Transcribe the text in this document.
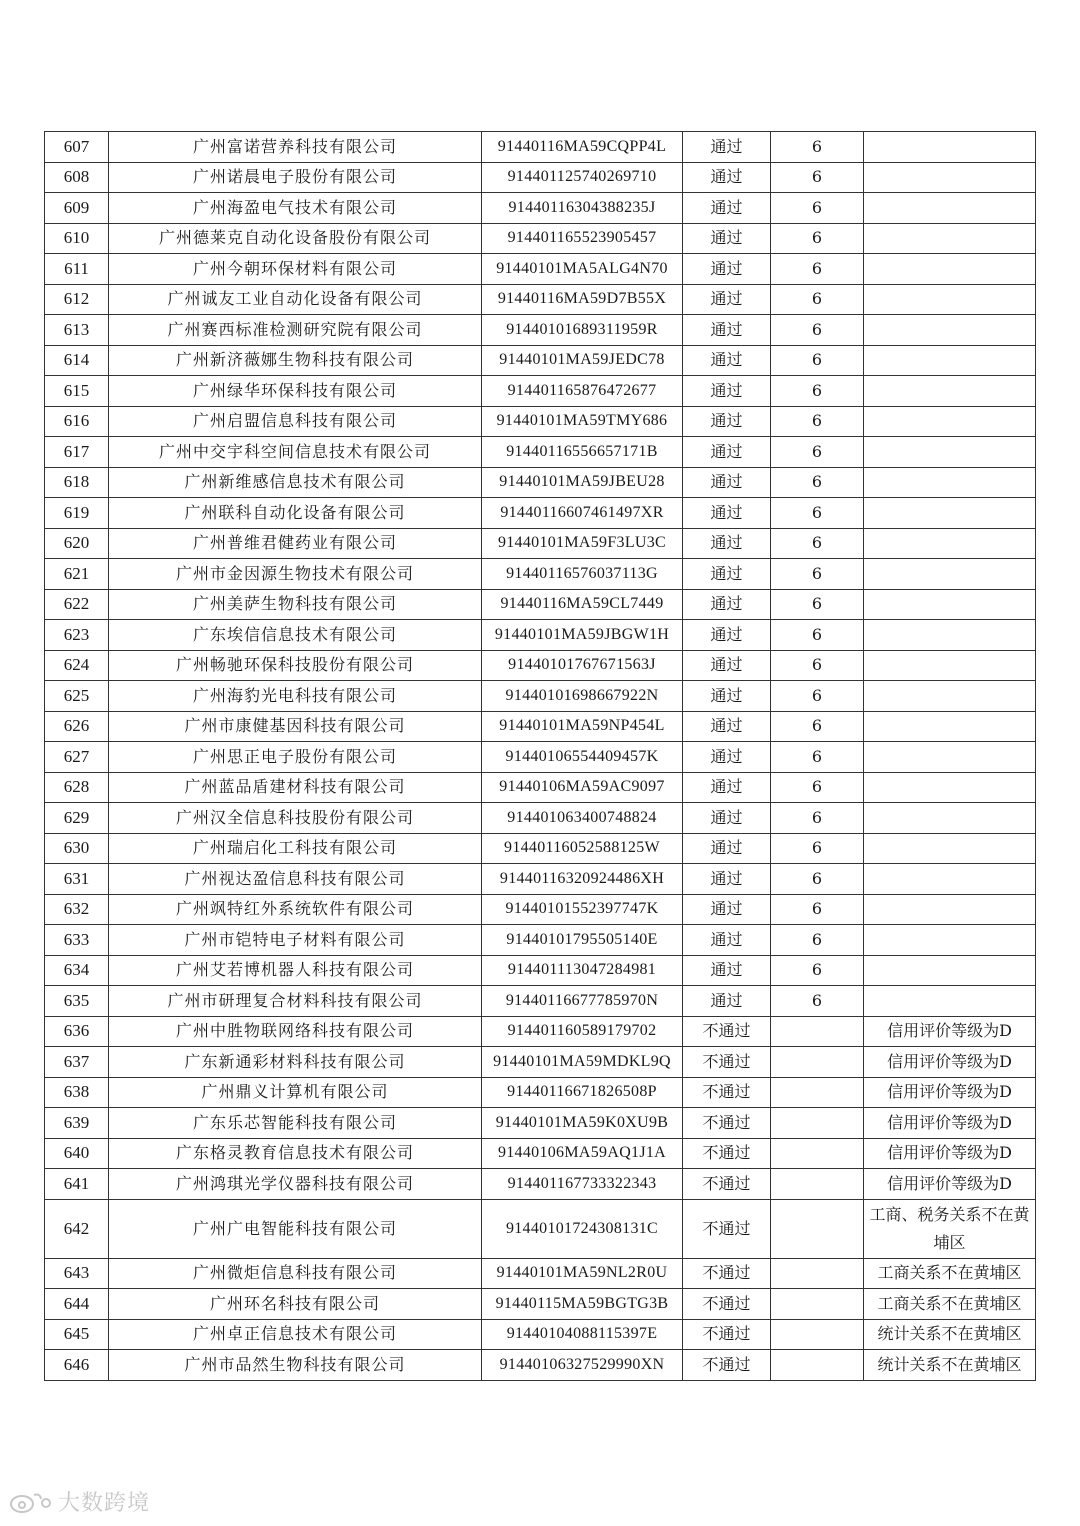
607	广州富诺营养科技有限公司	91440116MA59CQPP4L	通过	6	
608	广州诺晨电子股份有限公司	914401125740269710	通过	6	
609	广州海盈电气技术有限公司	91440116304388235J	通过	6	
610	广州德莱克自动化设备股份有限公司	914401165523905457	通过	6	
611	广州今朝环保材料有限公司	91440101MA5ALG4N70	通过	6	
612	广州诚友工业自动化设备有限公司	91440116MA59D7B55X	通过	6	
613	广州赛西标准检测研究院有限公司	91440101689311959R	通过	6	
614	广州新济薇娜生物科技有限公司	91440101MA59JEDC78	通过	6	
615	广州绿华环保科技有限公司	914401165876472677	通过	6	
616	广州启盟信息科技有限公司	91440101MA59TMY686	通过	6	
617	广州中交宇科空间信息技术有限公司	91440116556657171B	通过	6	
618	广州新维感信息技术有限公司	91440101MA59JBEU28	通过	6	
619	广州联科自动化设备有限公司	91440116607461497XR	通过	6	
620	广州普维君健药业有限公司	91440101MA59F3LU3C	通过	6	
621	广州市金因源生物技术有限公司	91440116576037113G	通过	6	
622	广州美萨生物科技有限公司	91440116MA59CL7449	通过	6	
623	广东埃信信息技术有限公司	91440101MA59JBGW1H	通过	6	
624	广州畅驰环保科技股份有限公司	91440101767671563J	通过	6	
625	广州海豹光电科技有限公司	91440101698667922N	通过	6	
626	广州市康健基因科技有限公司	91440101MA59NP454L	通过	6	
627	广州思正电子股份有限公司	91440106554409457K	通过	6	
628	广州蓝品盾建材科技有限公司	91440106MA59AC9097	通过	6	
629	广州汉全信息科技股份有限公司	914401063400748824	通过	6	
630	广州瑞启化工科技有限公司	91440116052588125W	通过	6	
631	广州视达盈信息科技有限公司	91440116320924486XH	通过	6	
632	广州飒特红外系统软件有限公司	91440101552397747K	通过	6	
633	广州市铠特电子材料有限公司	91440101795505140E	通过	6	
634	广州艾若博机器人科技有限公司	914401113047284981	通过	6	
635	广州市研理复合材料科技有限公司	91440116677785970N	通过	6	
636	广州中胜物联网络科技有限公司	914401160589179702	不通过		信用评价等级为D
637	广东新通彩材料科技有限公司	91440101MA59MDKL9Q	不通过		信用评价等级为D
638	广州鼎义计算机有限公司	91440116671826508P	不通过		信用评价等级为D
639	广东乐芯智能科技有限公司	91440101MA59K0XU9B	不通过		信用评价等级为D
640	广东格灵教育信息技术有限公司	91440106MA59AQ1J1A	不通过		信用评价等级为D
641	广州鸿琪光学仪器科技有限公司	914401167733322343	不通过		信用评价等级为D
642	广州广电智能科技有限公司	91440101724308131C	不通过		工商、税务关系不在黄埔区
643	广州微炬信息科技有限公司	91440101MA59NL2R0U	不通过		工商关系不在黄埔区
644	广州环名科技有限公司	91440115MA59BGTG3B	不通过		工商关系不在黄埔区
645	广州卓正信息技术有限公司	91440104088115397E	不通过		统计关系不在黄埔区
646	广州市品然生物科技有限公司	91440106327529990XN	不通过		统计关系不在黄埔区
大数跨境
